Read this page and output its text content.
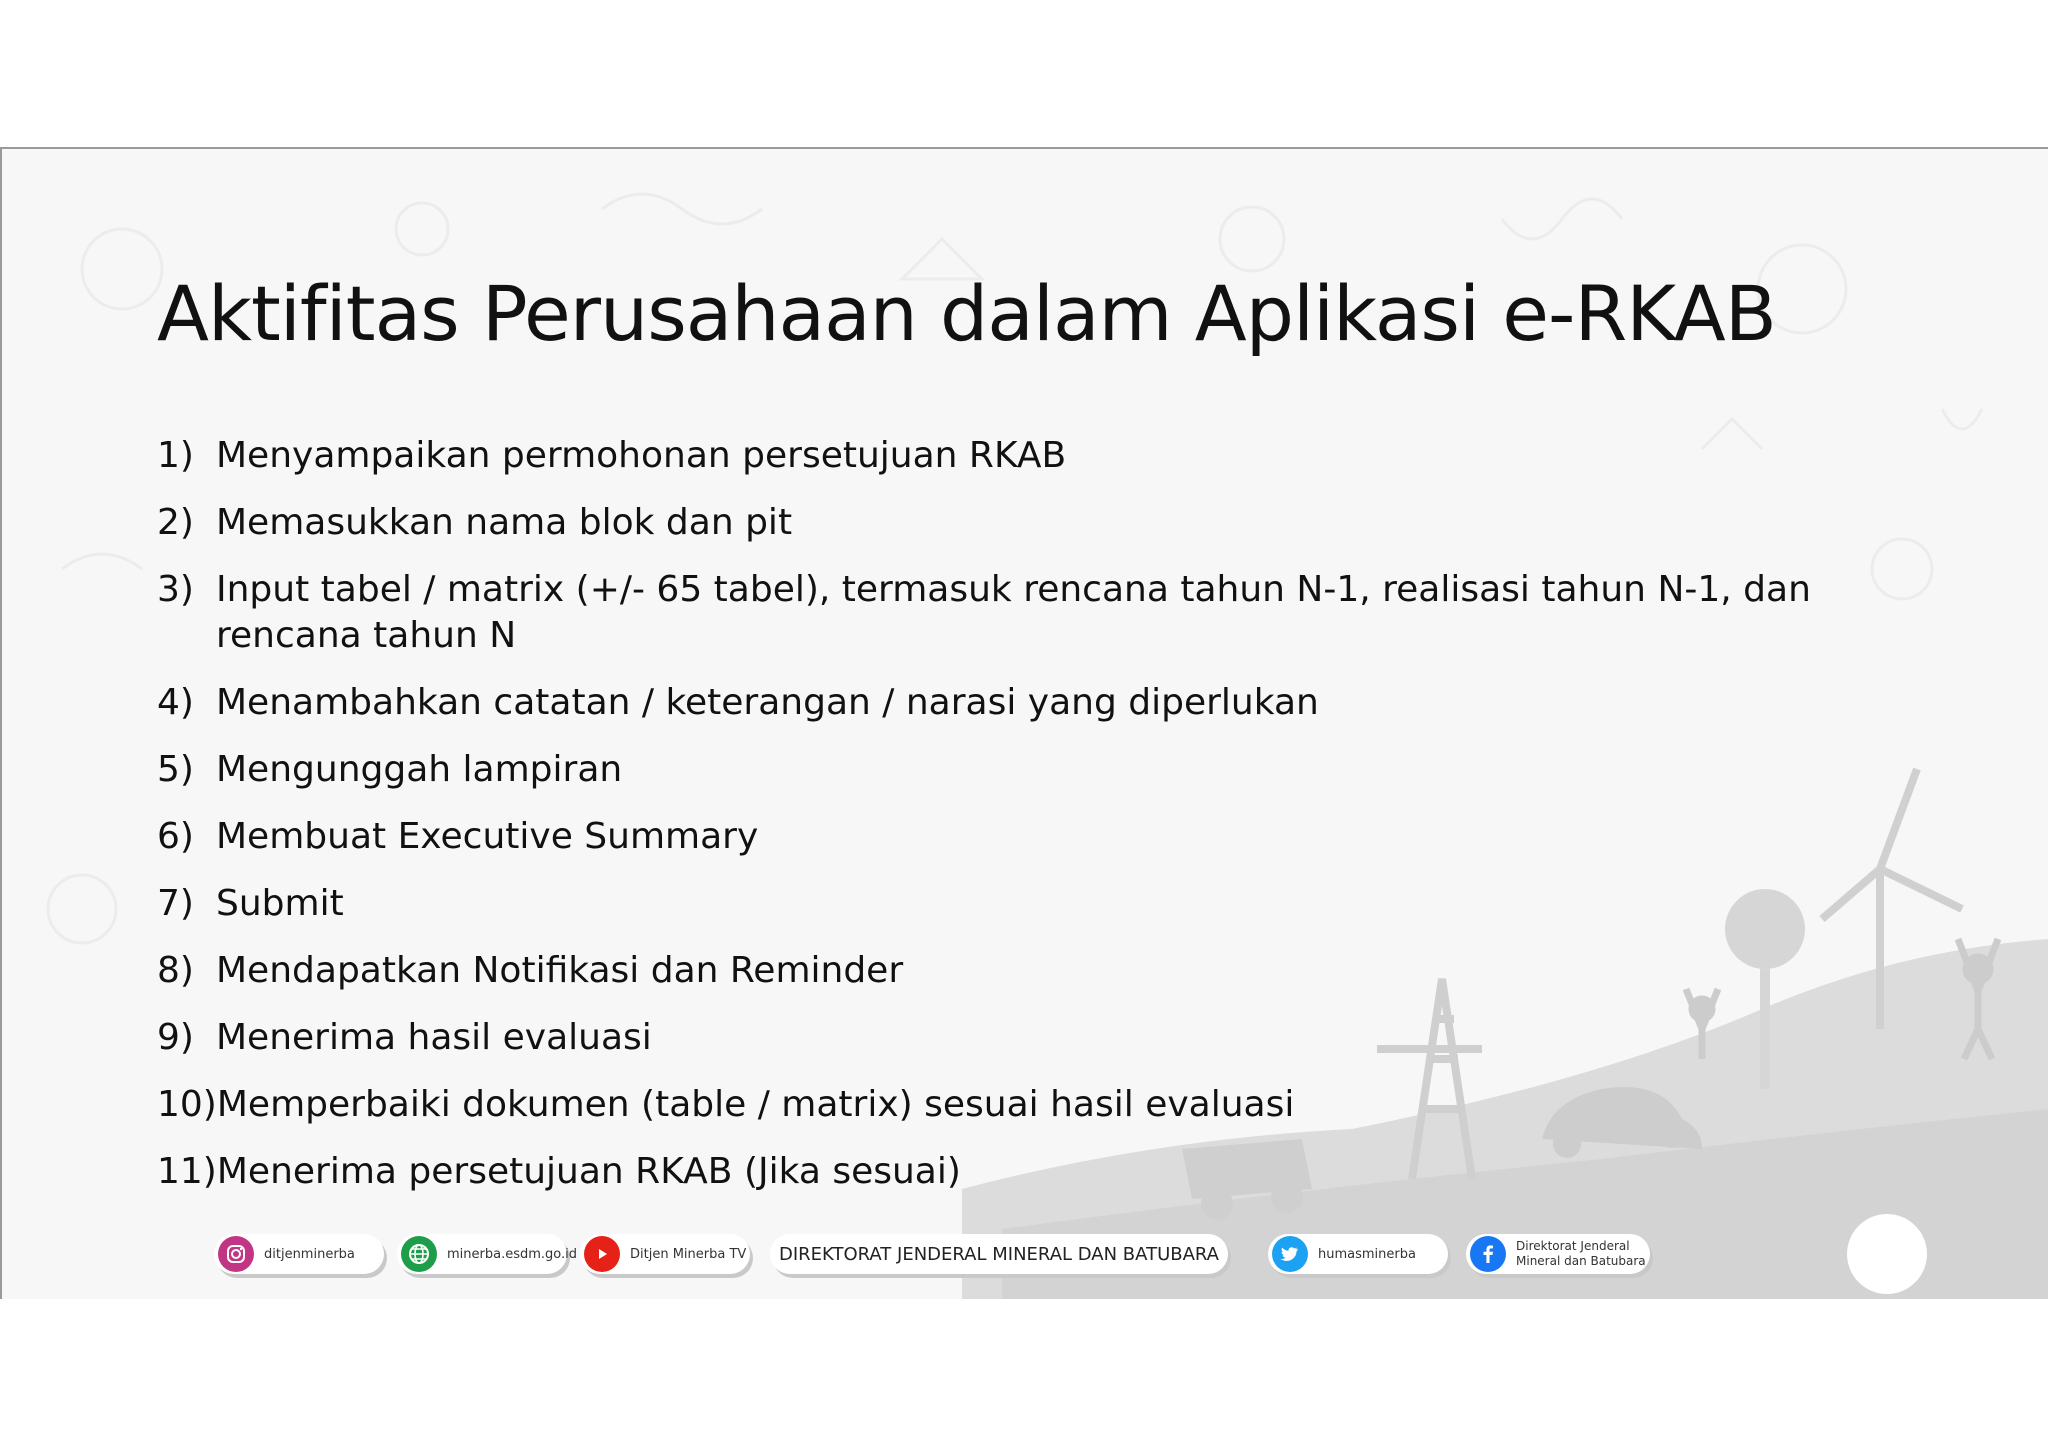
Aktifitas Perusahaan dalam Aplikasi e-RKAB
1) Menyampaikan permohonan persetujuan RKAB
2) Memasukkan nama blok dan pit
3) Input tabel / matrix (+/- 65 tabel), termasuk rencana tahun N-1, realisasi tahun N-1, dan rencana tahun N
4) Menambahkan catatan / keterangan / narasi yang diperlukan
5) Mengunggah lampiran
6) Membuat Executive Summary
7) Submit
8) Mendapatkan Notifikasi dan Reminder
9) Menerima hasil evaluasi
10) Memperbaiki dokumen (table / matrix) sesuai hasil evaluasi
11) Menerima persetujuan RKAB (Jika sesuai)
ditjenminerba	minerba.esdm.go.id	Ditjen Minerba TV DIREKTORAT JENDERAL MINERAL DAN BATUBARA	humasminerba
Direktorat Jenderal
Mineral dan Batubara
